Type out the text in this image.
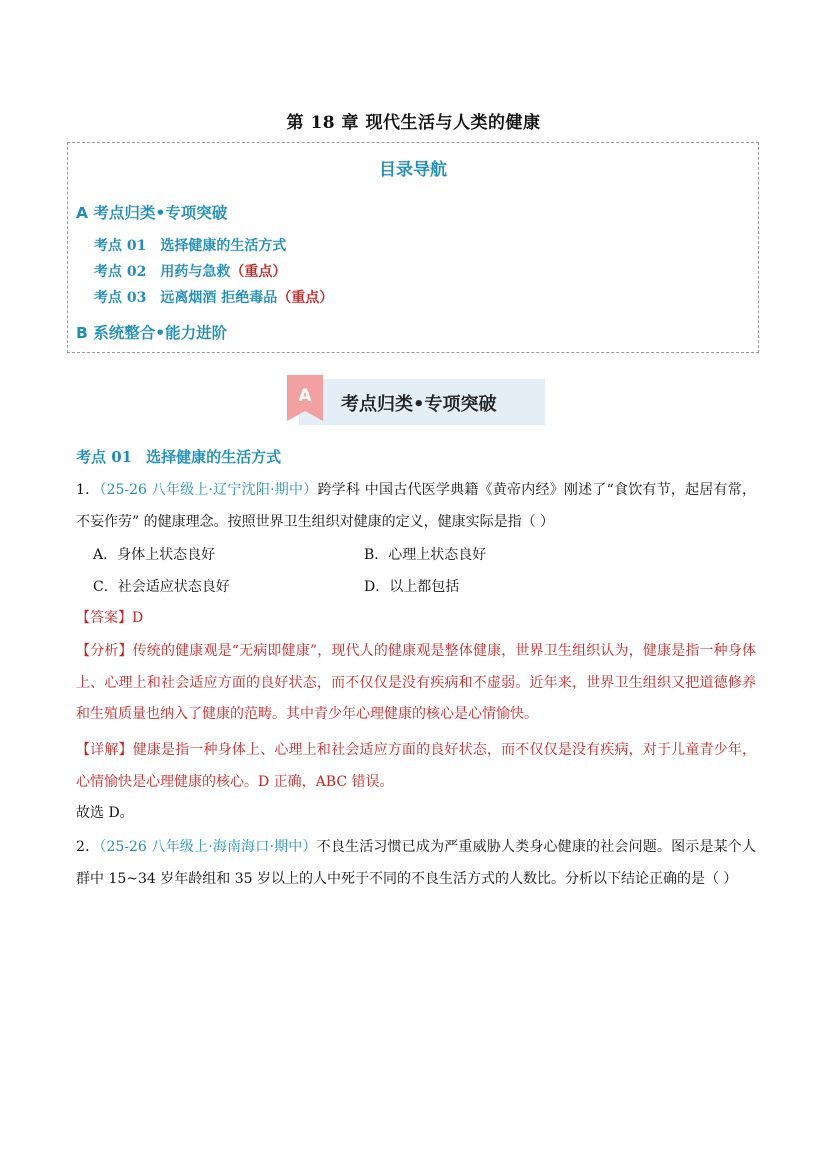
第 18 章 现代生活与人类的健康
目录导航
A 考点归类•专项突破
考点 01 选择健康的生活方式
考点 02 用药与急救（重点）
考点 03 远离烟酒 拒绝毒品（重点）
B 系统整合•能力进阶
A 考点归类•专项突破
考点 01 选择健康的生活方式
1．（25-26 八年级上·辽宁沈阳·期中）跨学科 中国古代医学典籍《黄帝内经》刚述了“食饮有节，起居有常，不妄作劳” 的健康理念。按照世界卫生组织对健康的定义，健康实际是指（ ）
A．身体上状态良好	B．心理上状态良好
C．社会适应状态良好	D．以上都包括
【答案】D
【分析】传统的健康观是“无病即健康”，现代人的健康观是整体健康，世界卫生组织认为，健康是指一种身体上、心理上和社会适应方面的良好状态，而不仅仅是没有疾病和不虚弱。近年来，世界卫生组织又把道德修养和生殖质量也纳入了健康的范畴。其中青少年心理健康的核心是心情愉快。
【详解】健康是指一种身体上、心理上和社会适应方面的良好状态，而不仅仅是没有疾病，对于儿童青少年，心情愉快是心理健康的核心。D 正确，ABC 错误。
故选 D。
2．（25-26 八年级上·海南海口·期中）不良生活习惯已成为严重威胁人类身心健康的社会问题。图示是某个人群中 15~34 岁年龄组和 35 岁以上的人中死于不同的不良生活方式的人数比。分析以下结论正确的是（ ）
